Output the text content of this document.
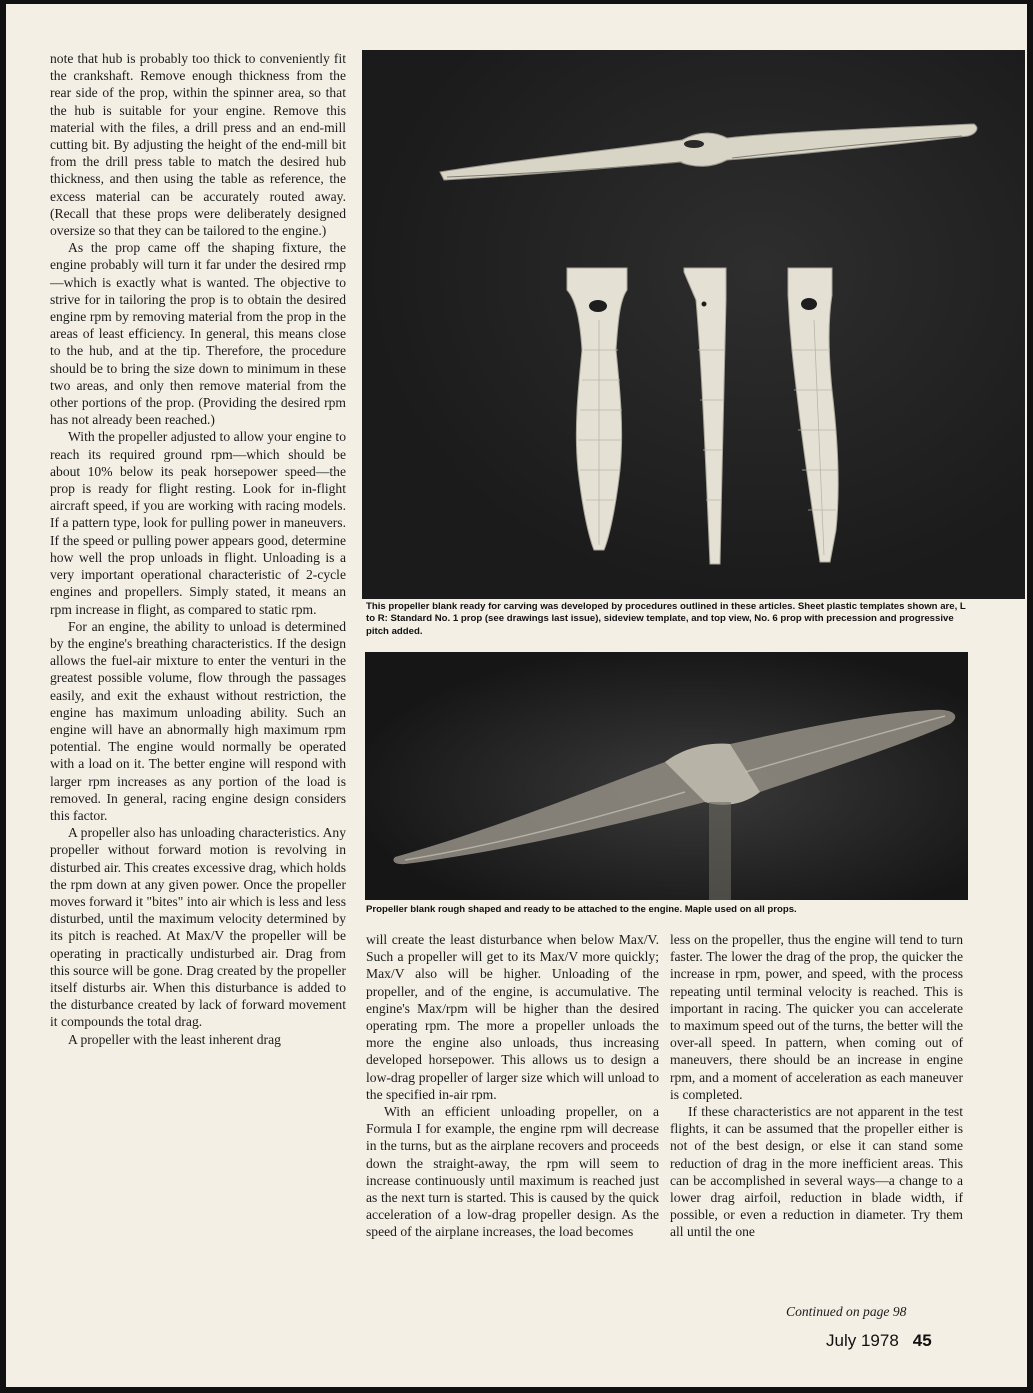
note that hub is probably too thick to conveniently fit the crankshaft. Remove enough thickness from the rear side of the prop, within the spinner area, so that the hub is suitable for your engine. Remove this material with the files, a drill press and an end-mill cutting bit. By adjusting the height of the end-mill bit from the drill press table to match the desired hub thickness, and then using the table as reference, the excess material can be accurately routed away. (Recall that these props were deliberately designed oversize so that they can be tailored to the engine.)

As the prop came off the shaping fixture, the engine probably will turn it far under the desired rmp—which is exactly what is wanted. The objective to strive for in tailoring the prop is to obtain the desired engine rpm by removing material from the prop in the areas of least efficiency. In general, this means close to the hub, and at the tip. Therefore, the procedure should be to bring the size down to minimum in these two areas, and only then remove material from the other portions of the prop. (Providing the desired rpm has not already been reached.)

With the propeller adjusted to allow your engine to reach its required ground rpm—which should be about 10% below its peak horsepower speed—the prop is ready for flight resting. Look for in-flight aircraft speed, if you are working with racing models. If a pattern type, look for pulling power in maneuvers. If the speed or pulling power appears good, determine how well the prop unloads in flight. Unloading is a very important operational characteristic of 2-cycle engines and propellers. Simply stated, it means an rpm increase in flight, as compared to static rpm.

For an engine, the ability to unload is determined by the engine's breathing characteristics. If the design allows the fuel-air mixture to enter the venturi in the greatest possible volume, flow through the passages easily, and exit the exhaust without restriction, the engine has maximum unloading ability. Such an engine will have an abnormally high maximum rpm potential. The engine would normally be operated with a load on it. The better engine will respond with larger rpm increases as any portion of the load is removed. In general, racing engine design considers this factor.

A propeller also has unloading characteristics. Any propeller without forward motion is revolving in disturbed air. This creates excessive drag, which holds the rpm down at any given power. Once the propeller moves forward it "bites" into air which is less and less disturbed, until the maximum velocity determined by its pitch is reached. At Max/V the propeller will be operating in practically undisturbed air. Drag from this source will be gone. Drag created by the propeller itself disturbs air. When this disturbance is added to the disturbance created by lack of forward movement it compounds the total drag.

A propeller with the least inherent drag

This propeller blank ready for carving was developed by procedures outlined in these articles. Sheet plastic templates shown are, L to R: Standard No. 1 prop (see drawings last issue), sideview template, and top view, No. 6 prop with precession and progressive pitch added.
Propeller blank rough shaped and ready to be attached to the engine. Maple used on all props.

will create the least disturbance when below Max/V. Such a propeller will get to its Max/V more quickly; Max/V also will be higher. Unloading of the propeller, and of the engine, is accumulative. The engine's Max/rpm will be higher than the desired operating rpm. The more a propeller unloads the more the engine also unloads, thus increasing developed horsepower. This allows us to design a low-drag propeller of larger size which will unload to the specified in-air rpm.

With an efficient unloading propeller, on a Formula I for example, the engine rpm will decrease in the turns, but as the airplane recovers and proceeds down the straight-away, the rpm will seem to increase continuously until maximum is reached just as the next turn is started. This is caused by the quick acceleration of a low-drag propeller design. As the speed of the airplane increases, the load becomes

less on the propeller, thus the engine will tend to turn faster. The lower the drag of the prop, the quicker the increase in rpm, power, and speed, with the process repeating until terminal velocity is reached. This is important in racing. The quicker you can accelerate to maximum speed out of the turns, the better will the over-all speed. In pattern, when coming out of maneuvers, there should be an increase in engine rpm, and a moment of acceleration as each maneuver is completed.

If these characteristics are not apparent in the test flights, it can be assumed that the propeller either is not of the best design, or else it can stand some reduction of drag in the more inefficient areas. This can be accomplished in several ways—a change to a lower drag airfoil, reduction in blade width, if possible, or even a reduction in diameter. Try them all until the one

Continued on page 98
July 1978 45
